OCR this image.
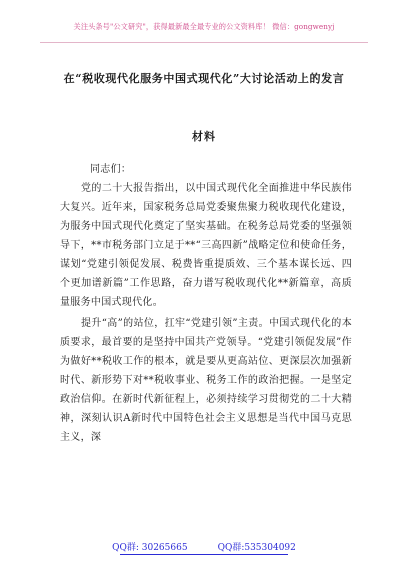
关注头条号"公文研究"，获得最新最全最专业的公文资料库！ 微信：gongwenyj
在“税收现代化服务中国式现代化”大讨论活动上的发言
材料

同志们：

党的二十大报告指出，以中国式现代化全面推进中华民族伟大复兴。近年来，国家税务总局党委聚焦聚力税收现代化建设，为服务中国式现代化奠定了坚实基础。在税务总局党委的坚强领导下，**市税务部门立足于**“三高四新”战略定位和使命任务，谋划“党建引领促发展、税费皆重提质效、三个基本谋长远、四个更加谱新篇”工作思路，奋力谱写税收现代化**新篇章，高质量服务中国式现代化。

提升“高”的站位，扛牢“党建引领”主责。中国式现代化的本质要求，最首要的是坚持中国共产党领导。“党建引领促发展”作为做好**税收工作的根本，就是要从更高站位、更深层次加强新时代、新形势下对**税收事业、税务工作的政治把握。一是坚定政治信仰。在新时代新征程上，必须持续学习贯彻党的二十大精神，深刻认识A新时代中国特色社会主义思想是当代中国马克思主义，深

QQ群: 30265665	QQ群:535304092
